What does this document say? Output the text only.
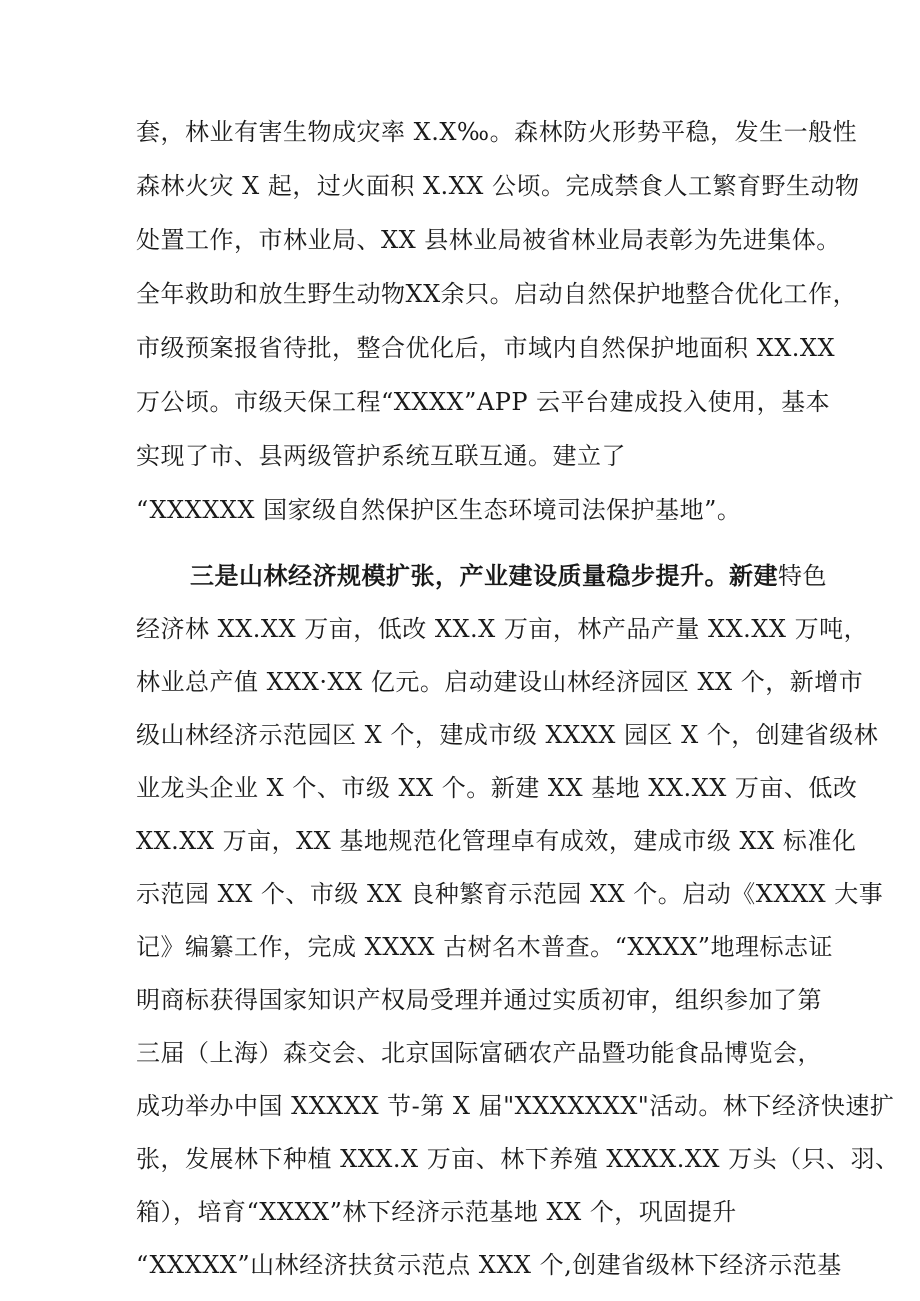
套，林业有害生物成灾率 X.X‰。森林防火形势平稳，发生一般性
森林火灾 X 起，过火面积 X.XX 公顷。完成禁食人工繁育野生动物
处置工作，市林业局、XX 县林业局被省林业局表彰为先进集体。
全年救助和放生野生动物XX余只。启动自然保护地整合优化工作，
市级预案报省待批，整合优化后，市域内自然保护地面积 XX.XX
万公顷。市级天保工程“XXXX”APP 云平台建成投入使用，基本
实现了市、县两级管护系统互联互通。建立了
“XXXXXX 国家级自然保护区生态环境司法保护基地”。
三是山林经济规模扩张，产业建设质量稳步提升。新建特色
经济林 XX.XX 万亩，低改 XX.X 万亩，林产品产量 XX.XX 万吨，
林业总产值 XXX·XX 亿元。启动建设山林经济园区 XX 个，新增市
级山林经济示范园区 X 个，建成市级 XXXX 园区 X 个，创建省级林
业龙头企业 X 个、市级 XX 个。新建 XX 基地 XX.XX 万亩、低改
XX.XX 万亩，XX 基地规范化管理卓有成效，建成市级 XX 标准化
示范园 XX 个、市级 XX 良种繁育示范园 XX 个。启动《XXXX 大事
记》编纂工作，完成 XXXX 古树名木普查。“XXXX”地理标志证
明商标获得国家知识产权局受理并通过实质初审，组织参加了第
三届（上海）森交会、北京国际富硒农产品暨功能食品博览会，
成功举办中国 XXXXX 节-第 X 届"XXXXXXX"活动。林下经济快速扩
张，发展林下种植 XXX.X 万亩、林下养殖 XXXX.XX 万头（只、羽、
箱），培育“XXXX”林下经济示范基地 XX 个，巩固提升
“XXXXX”山林经济扶贫示范点 XXX 个,创建省级林下经济示范基
